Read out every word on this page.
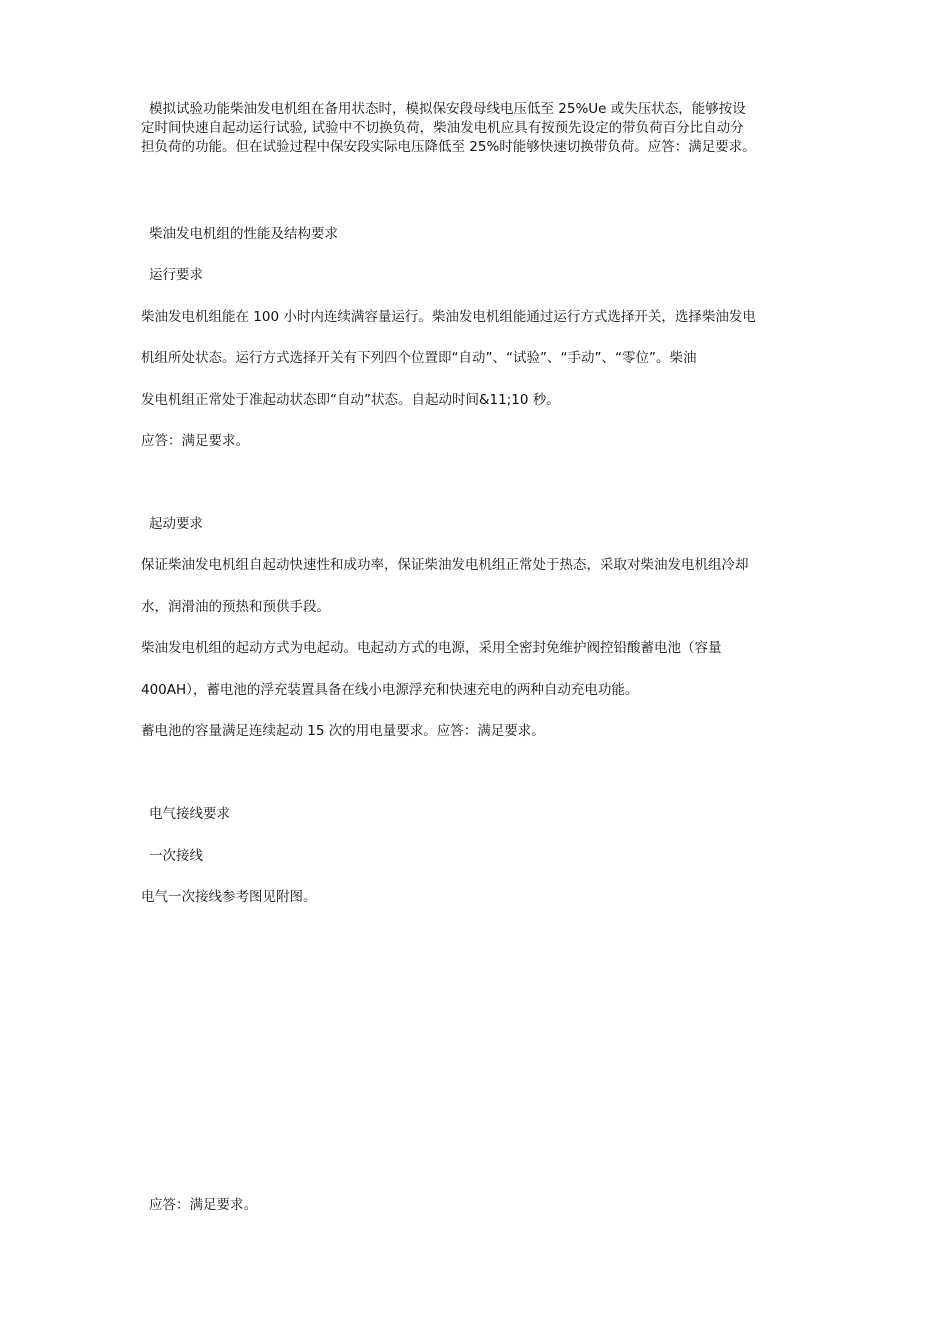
模拟试验功能柴油发电机组在备用状态时，模拟保安段母线电压低至 25%Ue 或失压状态，能够按设
定时间快速自起动运行试验, 试验中不切换负荷，柴油发电机应具有按预先设定的带负荷百分比自动分
担负荷的功能。但在试验过程中保安段实际电压降低至 25%时能够快速切换带负荷。应答：满足要求。
柴油发电机组的性能及结构要求
运行要求
柴油发电机组能在 100 小时内连续满容量运行。柴油发电机组能通过运行方式选择开关，选择柴油发电
机组所处状态。运行方式选择开关有下列四个位置即“自动”、“试验”、“手动”、“零位”。柴油
发电机组正常处于准起动状态即“自动”状态。自起动时间&11;10 秒。
应答：满足要求。
起动要求
保证柴油发电机组自起动快速性和成功率，保证柴油发电机组正常处于热态，采取对柴油发电机组冷却
水，润滑油的预热和预供手段。
柴油发电机组的起动方式为电起动。电起动方式的电源，采用全密封免维护阀控铅酸蓄电池（容量
400AH），蓄电池的浮充装置具备在线小电源浮充和快速充电的两种自动充电功能。
蓄电池的容量满足连续起动 15 次的用电量要求。应答：满足要求。
电气接线要求
一次接线
电气一次接线参考图见附图。
应答：满足要求。
